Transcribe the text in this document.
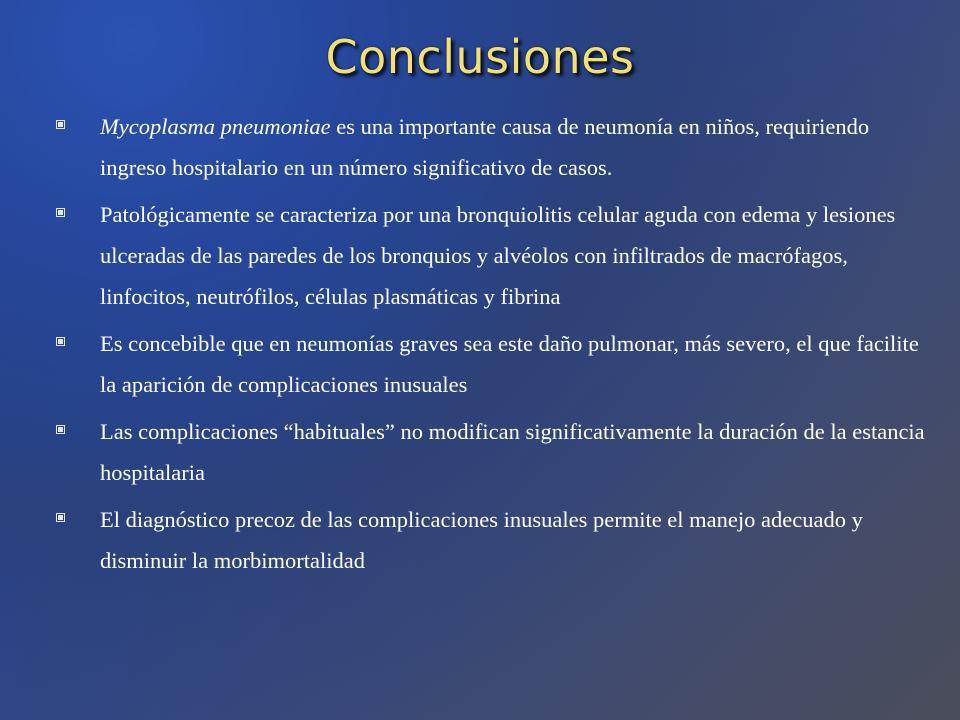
Conclusiones
Mycoplasma pneumoniae es una importante causa de neumonía en niños, requiriendo ingreso hospitalario en un número significativo de casos.
Patológicamente se caracteriza por una bronquiolitis celular aguda con edema y lesiones ulceradas de las paredes de los bronquios y alvéolos con infiltrados de macrófagos, linfocitos, neutrófilos, células plasmáticas y fibrina
Es concebible que en neumonías graves sea este daño pulmonar, más severo, el que facilite la aparición de complicaciones inusuales
Las complicaciones “habituales” no modifican significativamente la duración de la estancia hospitalaria
El diagnóstico precoz de las complicaciones inusuales permite el manejo adecuado y disminuir la morbimortalidad
